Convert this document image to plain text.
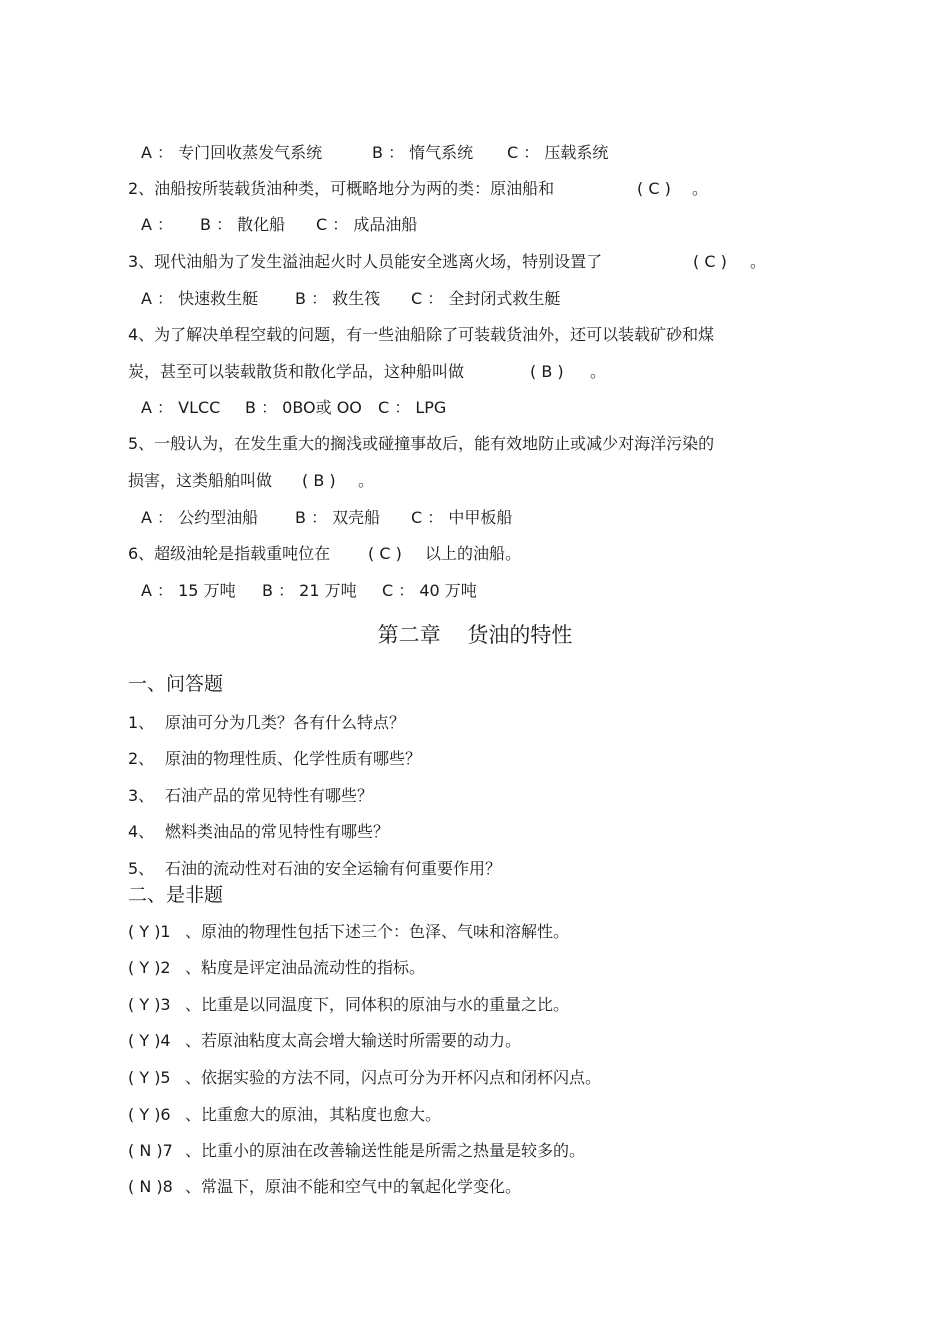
A ： 专门回收蒸发气系统	B ： 惰气系统 C ： 压载系统
2、油船按所装载货油种类，可概略地分为两的类：原油船和	( C ) 。
A ： B ： 散化船 C ： 成品油船
3、现代油船为了发生溢油起火时人员能安全逃离火场，特别设置了	( C ) 。
A ： 快速救生艇 B ： 救生筏 C ： 全封闭式救生艇
4、为了解决单程空载的问题，有一些油船除了可装载货油外，还可以装载矿砂和煤
炭，甚至可以装载散货和散化学品，这种船叫做	( B ) 。
A ： VLCC B ： 0BO或 OO C ： LPG
5、一般认为，在发生重大的搁浅或碰撞事故后，能有效地防止或减少对海洋污染的
损害，这类船舶叫做 ( B ) 。
A ： 公约型油船 B ： 双壳船 C ： 中甲板船
6、超级油轮是指载重吨位在 ( C ) 以上的油船。
A ： 15 万吨 B ： 21 万吨 C ： 40 万吨
第二章    货油的特性
一、问答题
1、 原油可分为几类？各有什么特点？
2、 原油的物理性质、化学性质有哪些？
3、 石油产品的常见特性有哪些？
4、 燃料类油品的常见特性有哪些？
5、 石油的流动性对石油的安全运输有何重要作用？
二、是非题
( Y )1 、原油的物理性包括下述三个：色泽、气味和溶解性。
( Y )2 、粘度是评定油品流动性的指标。
( Y )3 、比重是以同温度下，同体积的原油与水的重量之比。
( Y )4 、若原油粘度太高会增大输送时所需要的动力。
( Y )5 、依据实验的方法不同，闪点可分为开杯闪点和闭杯闪点。
( Y )6 、比重愈大的原油，其粘度也愈大。
( N )7 、比重小的原油在改善输送性能是所需之热量是较多的。
( N )8 、常温下，原油不能和空气中的氧起化学变化。
